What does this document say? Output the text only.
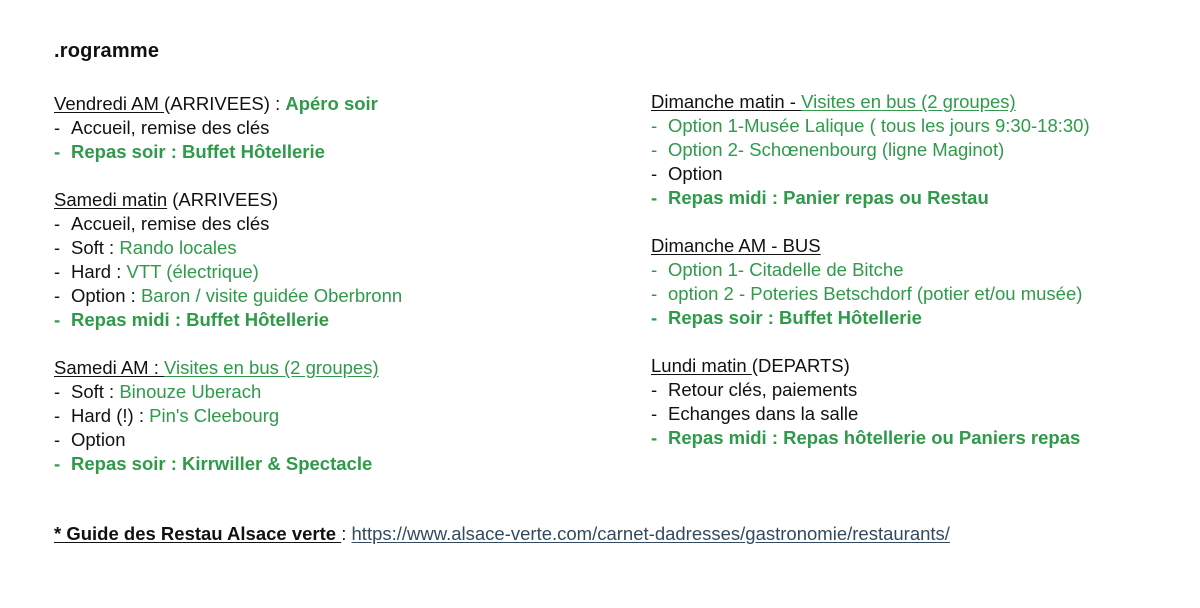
.rogramme
Vendredi AM (ARRIVEES) : Apéro soir
- Accueil, remise des clés
- Repas soir : Buffet Hôtellerie
Samedi matin (ARRIVEES)
- Accueil, remise des clés
- Soft : Rando locales
- Hard : VTT (électrique)
- Option : Baron / visite guidée Oberbronn
- Repas midi : Buffet Hôtellerie
Samedi AM : Visites en bus (2 groupes)
- Soft : Binouze Uberach
- Hard (!) : Pin's Cleebourg
- Option
- Repas soir : Kirrwiller & Spectacle
Dimanche matin - Visites en bus (2 groupes)
- Option 1-Musée Lalique ( tous les jours 9:30-18:30)
- Option 2- Schœnenbourg (ligne Maginot)
- Option
- Repas midi : Panier repas ou Restau
Dimanche AM - BUS
- Option 1- Citadelle de Bitche
- option 2 - Poteries Betschdorf (potier et/ou musée)
- Repas soir : Buffet Hôtellerie
Lundi matin (DEPARTS)
- Retour clés, paiements
- Echanges dans la salle
- Repas midi : Repas hôtellerie ou Paniers repas
* Guide des Restau Alsace verte : https://www.alsace-verte.com/carnet-dadresses/gastronomie/restaurants/
